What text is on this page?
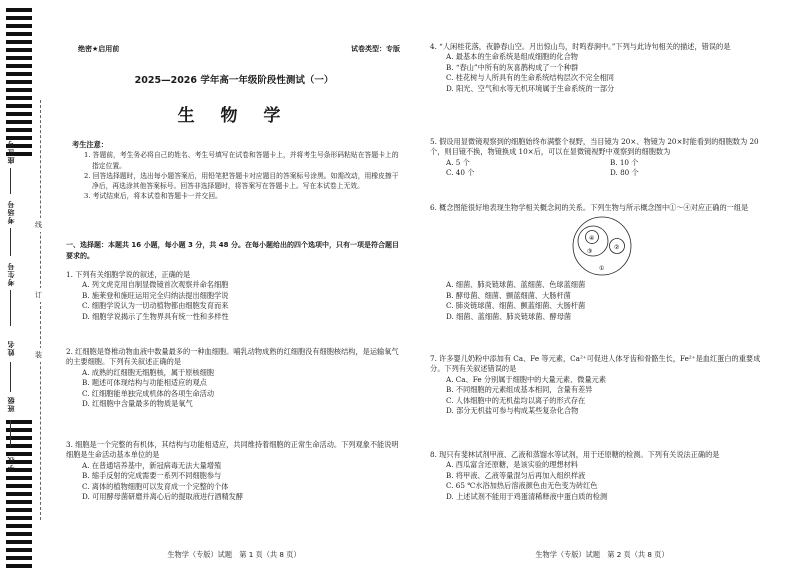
座位号
考场号
考生号
姓名
班级
学校
线
订
装
绝密★启用前	试卷类型：专版
2025—2026 学年高一年级阶段性测试（一）
生 物 学
考生注意：
1. 答题前，考生务必将自己的姓名、考生号填写在试卷和答题卡上，并将考生号条形码粘贴在答题卡上的指定位置。
2. 回答选择题时，选出每小题答案后，用铅笔把答题卡对应题目的答案标号涂黑。如需改动，用橡皮擦干净后，再选涂其他答案标号。回答非选择题时，将答案写在答题卡上。写在本试卷上无效。
3. 考试结束后，将本试卷和答题卡一并交回。
一、选择题：本题共 16 小题，每小题 3 分，共 48 分。在每小题给出的四个选项中，只有一项是符合题目要求的。
1. 下列有关细胞学说的叙述，正确的是
A. 列文虎克用自制显微镜首次观察并命名细胞
B. 施莱登和施旺运用完全归纳法提出细胞学说
C. 细胞学说认为一切动植物都由细胞发育而来
D. 细胞学说揭示了生物界具有统一性和多样性
2. 红细胞是脊椎动物血液中数量最多的一种血细胞。哺乳动物成熟的红细胞没有细胞核结构，是运输氧气的主要细胞。下列有关叙述正确的是
A. 成熟的红细胞无细胞核，属于原核细胞
B. 题述可体现结构与功能相适应的观点
C. 红细胞能单独完成机体的各项生命活动
D. 红细胞中含量最多的物质是氧气
3. 细胞是一个完整的有机体，其结构与功能相适应，共同维持着细胞的正常生命活动。下列观象不能说明细胞是生命活动基本单位的是
A. 在普通培养基中，新冠病毒无法大量增殖
B. 缩手反射的完成需要一系列不同细胞参与
C. 离体的植物细胞可以发育成一个完整的个体
D. 可用酵母菌研磨并离心后的提取液进行酒精发酵
生物学（专版）试题　第 1 页（共 8 页）
4. “人闲桂花落，夜静春山空。月出惊山鸟，时鸣春涧中。”下列与此诗句相关的描述，错误的是
A. 最基本的生命系统是组成细胞的化合物
B. “春山”中所有的灰喜鹊构成了一个种群
C. 桂花树与人所具有的生命系统结构层次不完全相同
D. 阳光、空气和水等无机环境属于生命系统的一部分
5. 假设用显微镜观察到的细胞始终布满整个视野，当目镜为 20×、物镜为 20×时能看到的细胞数为 20 个，则目镜不换，物镜换成 10×后，可以在显微镜视野中观察到的细胞数为
A. 5 个	B. 10 个
C. 40 个	D. 80 个
6. 概念图能很好地表现生物学相关概念间的关系。下列生物与所示概念图中①～④对应正确的一组是
④
③
②
①
A. 细菌、肺炎链球菌、蓝细菌、色球蓝细菌
B. 酵母菌、细菌、颤蓝细菌、大肠杆菌
C. 肺炎链球菌、细菌、颤蓝细菌、大肠杆菌
D. 细菌、蓝细菌、肺炎链球菌、酵母菌
7. 许多婴儿奶粉中添加有 Ca、Fe 等元素，Ca²⁺可促进人体牙齿和骨骼生长，Fe²⁺是血红蛋白的重要成分。下列有关叙述错误的是
A. Ca、Fe 分别属于细胞中的大量元素、微量元素
B. 不同细胞的元素组成基本相同，含量有差异
C. 人体细胞中的无机盐均以离子的形式存在
D. 部分无机盐可参与构成某些复杂化合物
8. 现只有斐林试剂甲液、乙液和蒸馏水等试剂，用于还原糖的检测。下列有关说法正确的是
A. 西瓜富含还原糖，是该实验的理想材料
B. 将甲液、乙液等量混匀后再加入组织样液
C. 65 ℃水浴加热后溶液颜色由无色变为砖红色
D. 上述试剂不能用于鸡蛋清稀释液中蛋白质的检测
生物学（专版）试题　第 2 页（共 8 页）
